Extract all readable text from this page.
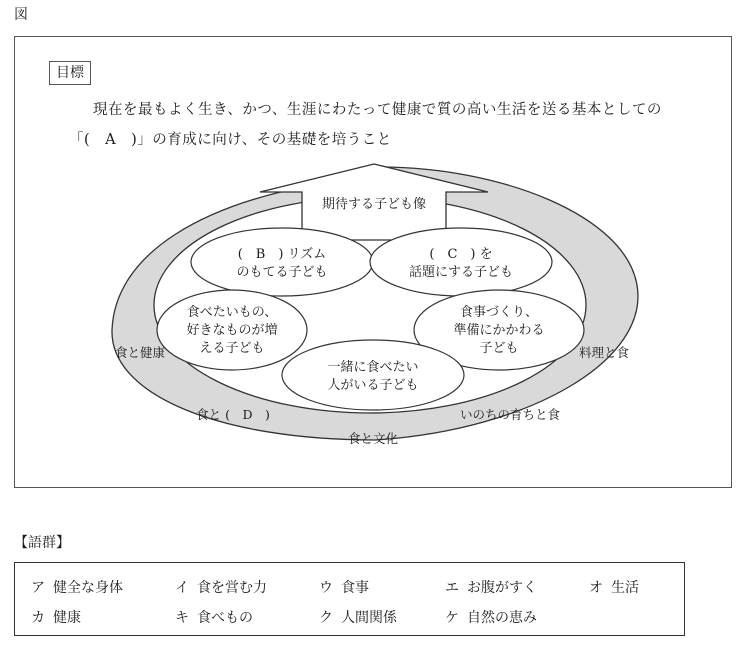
図
目標
現在を最もよく生き、かつ、生涯にわたって健康で質の高い生活を送る基本としての
「(　A　)」の育成に向け、その基礎を培うこと
期待する子ども像
(　B　) リズム
のもてる子ども
(　C　) を
話題にする子ども
食べたいもの、
好きなものが増
える子ども
食事づくり、
準備にかかわる
子ども
一緒に食べたい
人がいる子ども
食と健康	料理と食
食と (　D　)	いのちの育ちと食
食と文化
【語群】
ア 健全な身体	イ 食を営む力	ウ 食事	エ お腹がすく	オ 生活
カ 健康	キ 食べもの	ク 人間関係	ケ 自然の恵み
